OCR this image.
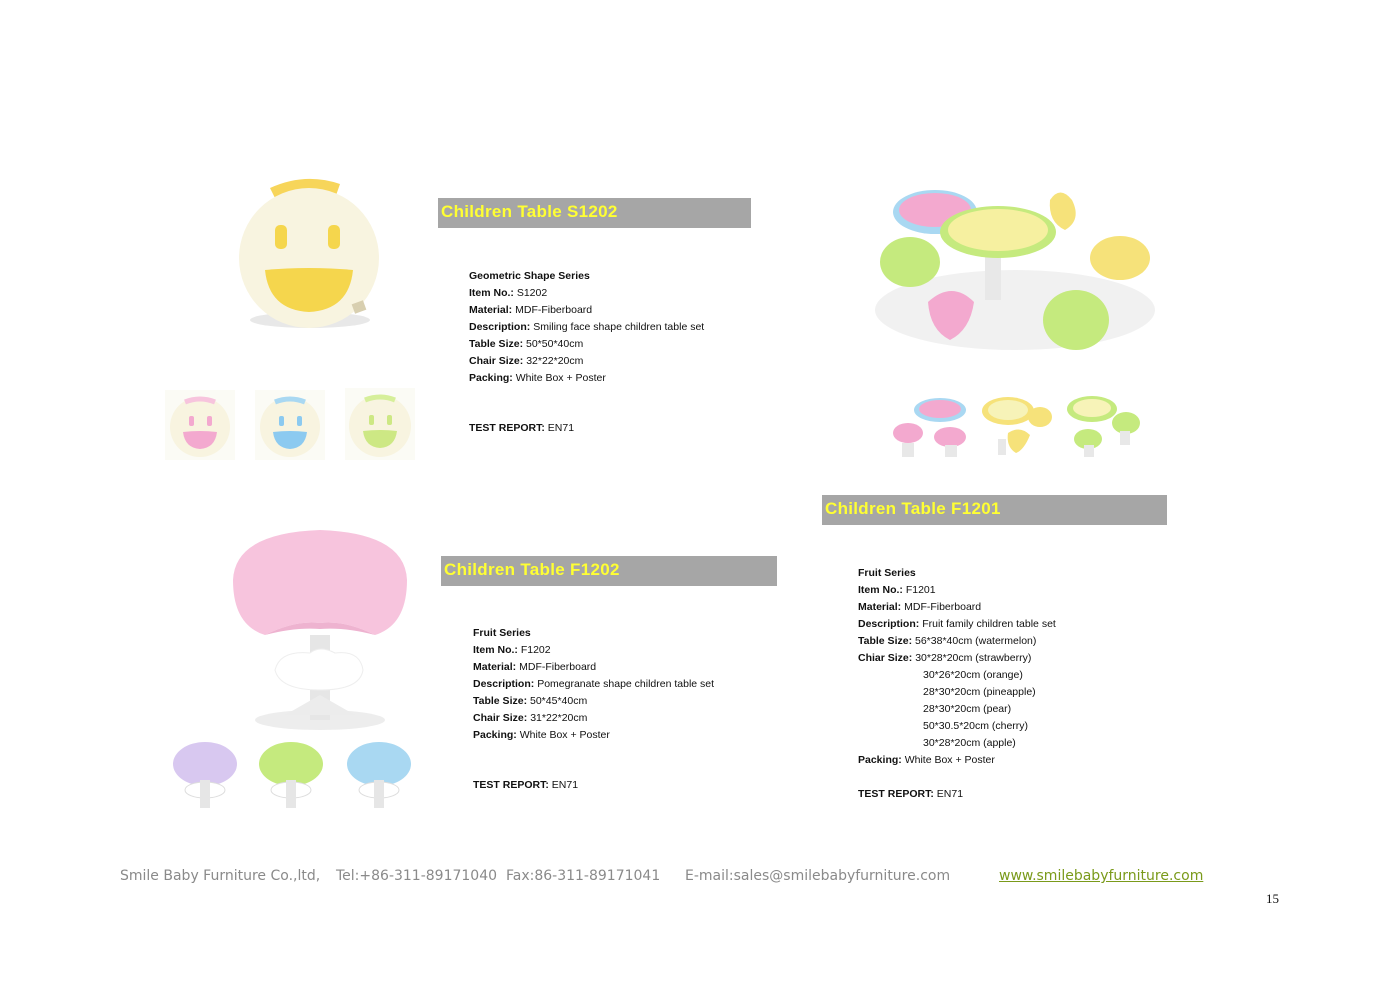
Children Table S1202
Geometric Shape Series
Item No.: S1202
Material: MDF-Fiberboard
Description: Smiling face shape children table set
Table Size: 50*50*40cm
Chair Size: 32*22*20cm
Packing: White Box + Poster
TEST REPORT: EN71
Children Table F1201
Fruit Series
Item No.: F1201
Material: MDF-Fiberboard
Description: Fruit family children table set
Table Size: 56*38*40cm (watermelon)
Chiar Size: 30*28*20cm (strawberry)
30*26*20cm (orange)
28*30*20cm (pineapple)
28*30*20cm (pear)
50*30.5*20cm (cherry)
30*28*20cm (apple)
Packing: White Box + Poster
TEST REPORT: EN71
Children Table F1202
Fruit Series
Item No.: F1202
Material: MDF-Fiberboard
Description: Pomegranate shape children table set
Table Size: 50*45*40cm
Chair Size: 31*22*20cm
Packing: White Box + Poster
TEST REPORT: EN71
Smile Baby Furniture Co.,ltd, Tel:+86-311-89171040 Fax:86-311-89171041 E-mail:sales@smilebabyfurniture.com	www.smilebabyfurniture.com
15
